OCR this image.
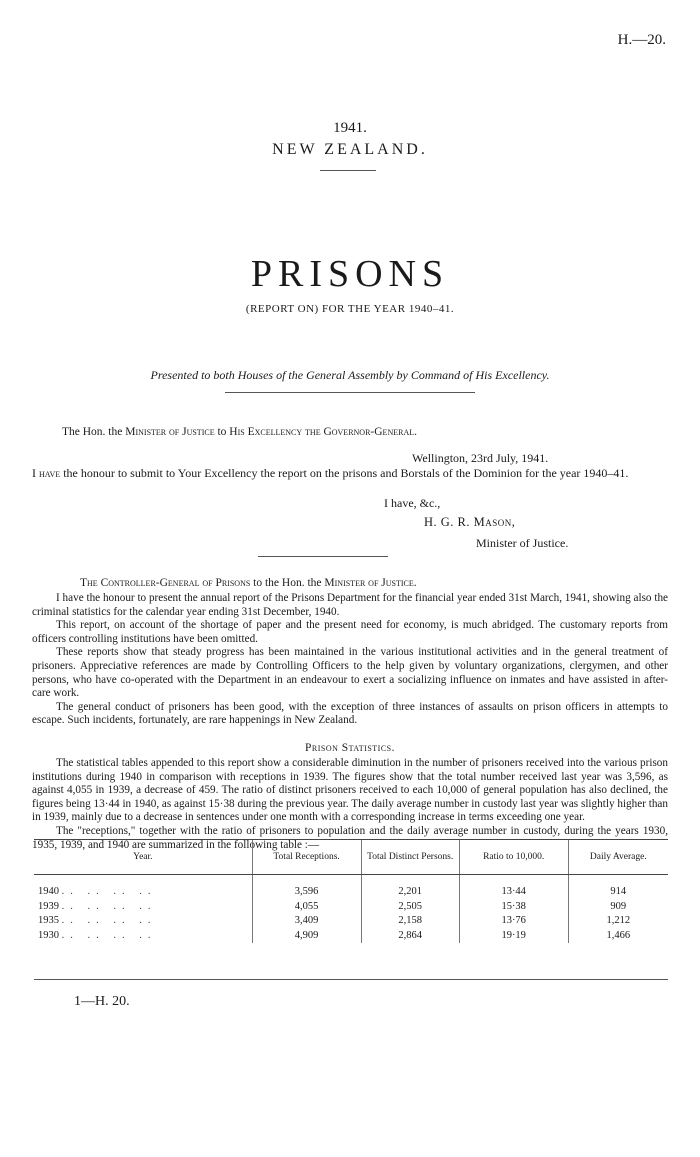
H.—20.
1941.
NEW ZEALAND.
PRISONS
(REPORT ON) FOR THE YEAR 1940–41.
Presented to both Houses of the General Assembly by Command of His Excellency.
The Hon. the Minister of Justice to His Excellency the Governor-General.
Wellington, 23rd July, 1941.
I have the honour to submit to Your Excellency the report on the prisons and Borstals of the Dominion for the year 1940–41.
I have, &c.,
H. G. R. Mason,
Minister of Justice.
The Controller-General of Prisons to the Hon. the Minister of Justice.

I have the honour to present the annual report of the Prisons Department for the financial year ended 31st March, 1941, showing also the criminal statistics for the calendar year ending 31st December, 1940.

This report, on account of the shortage of paper and the present need for economy, is much abridged. The customary reports from officers controlling institutions have been omitted.

These reports show that steady progress has been maintained in the various institutional activities and in the general treatment of prisoners. Appreciative references are made by Controlling Officers to the help given by voluntary organizations, clergymen, and other persons, who have co-operated with the Department in an endeavour to exert a socializing influence on inmates and have assisted in after-care work.

The general conduct of prisoners has been good, with the exception of three instances of assaults on prison officers in attempts to escape. Such incidents, fortunately, are rare happenings in New Zealand.

Prison Statistics.

The statistical tables appended to this report show a considerable diminution in the number of prisoners received into the various prison institutions during 1940 in comparison with receptions in 1939. The figures show that the total number received last year was 3,596, as against 4,055 in 1939, a decrease of 459. The ratio of distinct prisoners received to each 10,000 of general population has also declined, the figures being 13·44 in 1940, as against 15·38 during the previous year. The daily average number in custody last year was slightly higher than in 1939, mainly due to a decrease in sentences under one month with a corresponding increase in terms exceeding one year.

The "receptions," together with the ratio of prisoners to population and the daily average number in custody, during the years 1930, 1935, 1939, and 1940 are summarized in the following table :—

Year.	Total Receptions.	Total Distinct Persons.	Ratio to 10,000.	Daily Average.

1940 .. .. .. ..	3,596	2,201	13·44	914
1939 .. .. .. ..	4,055	2,505	15·38	909
1935 .. .. .. ..	3,409	2,158	13·76	1,212
1930 .. .. .. ..	4,909	2,864	19·19	1,466
1—H. 20.
